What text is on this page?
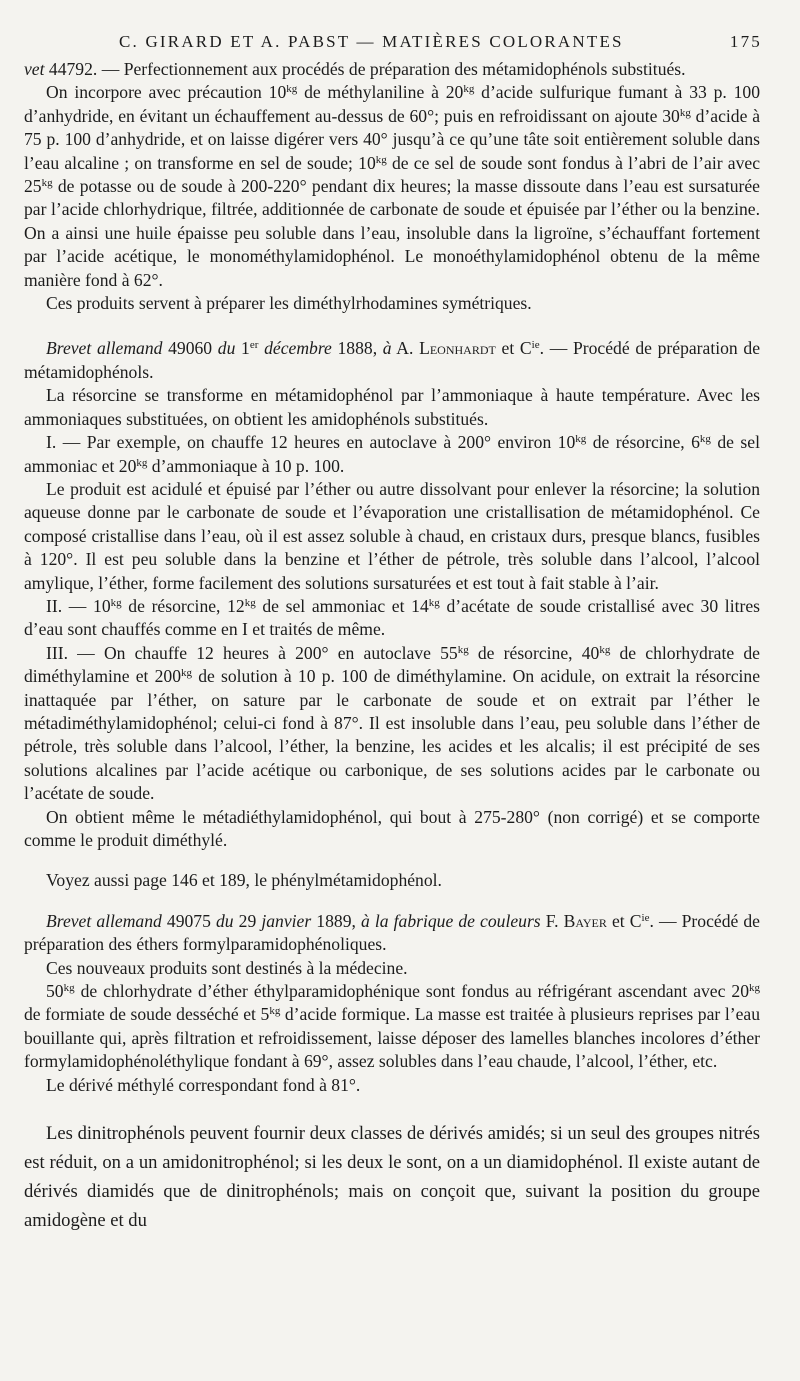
C. GIRARD ET A. PABST — MATIÈRES COLORANTES	175

vet 44792. — Perfectionnement aux procédés de préparation des métamidophénols substitués.

On incorpore avec précaution $10^{kg}$ de méthylaniline à $20^{kg}$ d’acide sulfurique fumant à 33 p. 100 d’anhydride, en évitant un échauffement au-dessus de 60°; puis en refroidissant on ajoute $30^{kg}$ d’acide à 75 p. 100 d’anhydride, et on laisse digérer vers 40° jusqu’à ce qu’une tâte soit entièrement soluble dans l’eau alcaline ; on transforme en sel de soude; $10^{kg}$ de ce sel de soude sont fondus à l’abri de l’air avec $25^{kg}$ de potasse ou de soude à 200-220° pendant dix heures; la masse dissoute dans l’eau est sursaturée par l’acide chlorhydrique, filtrée, additionnée de carbonate de soude et épuisée par l’éther ou la benzine. On a ainsi une huile épaisse peu soluble dans l’eau, insoluble dans la ligroïne, s’échauffant fortement par l’acide acétique, le monométhylamidophénol. Le monoéthylamidophénol obtenu de la même manière fond à 62°.

Ces produits servent à préparer les diméthylrhodamines symétriques.

Brevet allemand 49060 du 1er décembre 1888, à A. Leonhardt et $C^{ie}$. — Procédé de préparation de métamidophénols.

La résorcine se transforme en métamidophénol par l’ammoniaque à haute température. Avec les ammoniaques substituées, on obtient les amidophénols substitués.

I. — Par exemple, on chauffe 12 heures en autoclave à 200° environ $10^{kg}$ de résorcine, $6^{kg}$ de sel ammoniac et $20^{kg}$ d’ammoniaque à 10 p. 100.

Le produit est acidulé et épuisé par l’éther ou autre dissolvant pour enlever la résorcine; la solution aqueuse donne par le carbonate de soude et l’évaporation une cristallisation de métamidophénol. Ce composé cristallise dans l’eau, où il est assez soluble à chaud, en cristaux durs, presque blancs, fusibles à 120°. Il est peu soluble dans la benzine et l’éther de pétrole, très soluble dans l’alcool, l’alcool amylique, l’éther, forme facilement des solutions sursaturées et est tout à fait stable à l’air.

II. — $10^{kg}$ de résorcine, $12^{kg}$ de sel ammoniac et $14^{kg}$ d’acétate de soude cristallisé avec 30 litres d’eau sont chauffés comme en I et traités de même.

III. — On chauffe 12 heures à 200° en autoclave $55^{kg}$ de résorcine, $40^{kg}$ de chlorhydrate de diméthylamine et $200^{kg}$ de solution à 10 p. 100 de diméthylamine. On acidule, on extrait la résorcine inattaquée par l’éther, on sature par le carbonate de soude et on extrait par l’éther le métadiméthylamidophénol; celui-ci fond à 87°. Il est insoluble dans l’eau, peu soluble dans l’éther de pétrole, très soluble dans l’alcool, l’éther, la benzine, les acides et les alcalis; il est précipité de ses solutions alcalines par l’acide acétique ou carbonique, de ses solutions acides par le carbonate ou l’acétate de soude.

On obtient même le métadiéthylamidophénol, qui bout à 275-280° (non corrigé) et se comporte comme le produit diméthylé.

Voyez aussi page 146 et 189, le phénylmétamidophénol.

Brevet allemand 49075 du 29 janvier 1889, à la fabrique de couleurs F. Bayer et $C^{ie}$. — Procédé de préparation des éthers formylparamidophénoliques.

Ces nouveaux produits sont destinés à la médecine.

$50^{kg}$ de chlorhydrate d’éther éthylparamidophénique sont fondus au réfrigérant ascendant avec $20^{kg}$ de formiate de soude desséché et $5^{kg}$ d’acide formique. La masse est traitée à plusieurs reprises par l’eau bouillante qui, après filtration et refroidissement, laisse déposer des lamelles blanches incolores d’éther formylamidophénoléthylique fondant à 69°, assez solubles dans l’eau chaude, l’alcool, l’éther, etc.

Le dérivé méthylé correspondant fond à 81°.

Les dinitrophénols peuvent fournir deux classes de dérivés amidés; si un seul des groupes nitrés est réduit, on a un amidonitrophénol; si les deux le sont, on a un diamidophénol. Il existe autant de dérivés diamidés que de dinitrophénols; mais on conçoit que, suivant la position du groupe amidogène et du
